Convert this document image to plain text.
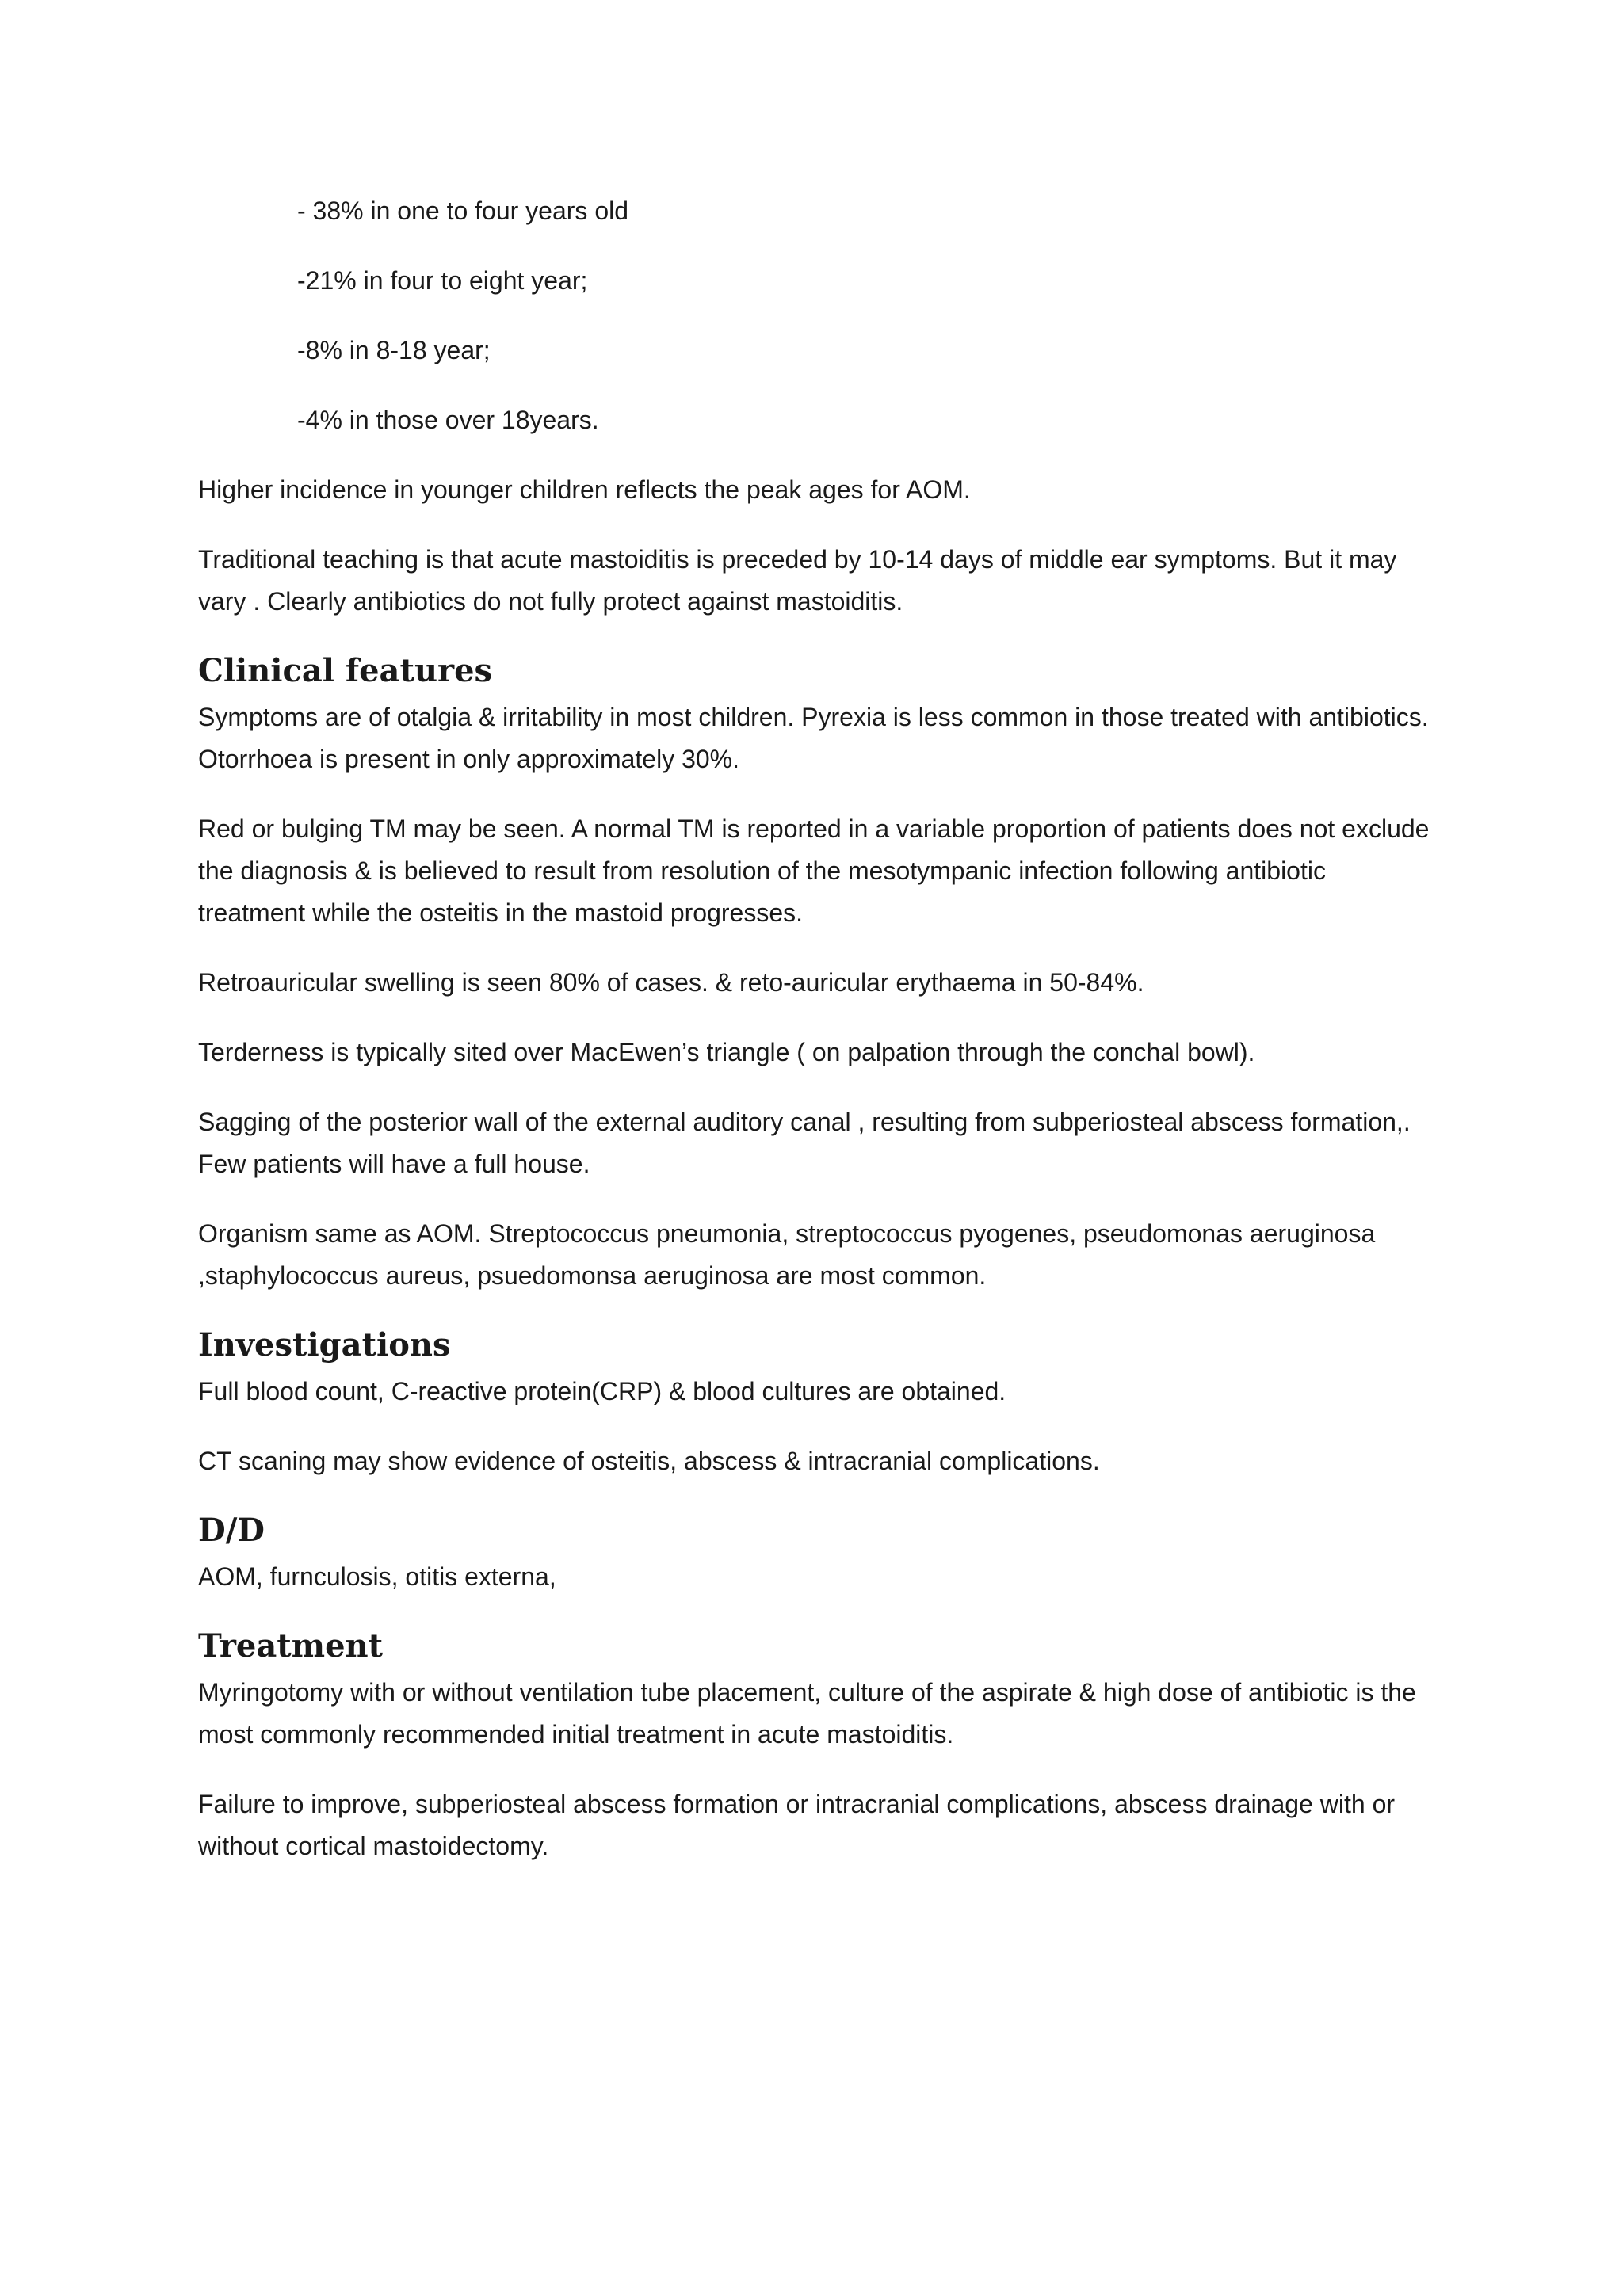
- 38% in one to four years old
-21% in four to eight year;
-8% in 8-18 year;
-4% in those over 18years.

Higher incidence in younger children reflects the peak ages for AOM.

Traditional teaching is that acute mastoiditis is preceded by 10-14 days of middle ear symptoms. But it may vary . Clearly antibiotics do not fully protect against mastoiditis.

Clinical features

Symptoms are of otalgia & irritability in most children. Pyrexia is less common in those treated with antibiotics. Otorrhoea is present in only approximately 30%.

Red or bulging TM may be seen. A normal TM is reported in a variable proportion of patients does not exclude the diagnosis & is believed to result from resolution of the mesotympanic infection following antibiotic treatment while the osteitis in the mastoid progresses.

Retroauricular swelling is seen 80% of cases. & reto-auricular erythaema in 50-84%.

Terderness is typically sited over MacEwen’s triangle ( on palpation through the conchal bowl).

Sagging of the posterior wall of the external auditory canal , resulting from subperiosteal abscess formation,. Few patients will have a full house.

Organism same as AOM. Streptococcus pneumonia, streptococcus pyogenes, pseudomonas aeruginosa ,staphylococcus aureus, psuedomonsa aeruginosa are most common.

Investigations

Full blood count, C-reactive protein(CRP) & blood cultures are obtained.

CT scaning may show evidence of osteitis, abscess & intracranial complications.

D/D

AOM, furnculosis, otitis externa,

Treatment

Myringotomy with or without ventilation tube placement, culture of the aspirate & high dose of antibiotic is the most commonly recommended initial treatment in acute mastoiditis.

Failure to improve, subperiosteal abscess formation or intracranial complications, abscess drainage with or without cortical mastoidectomy.
